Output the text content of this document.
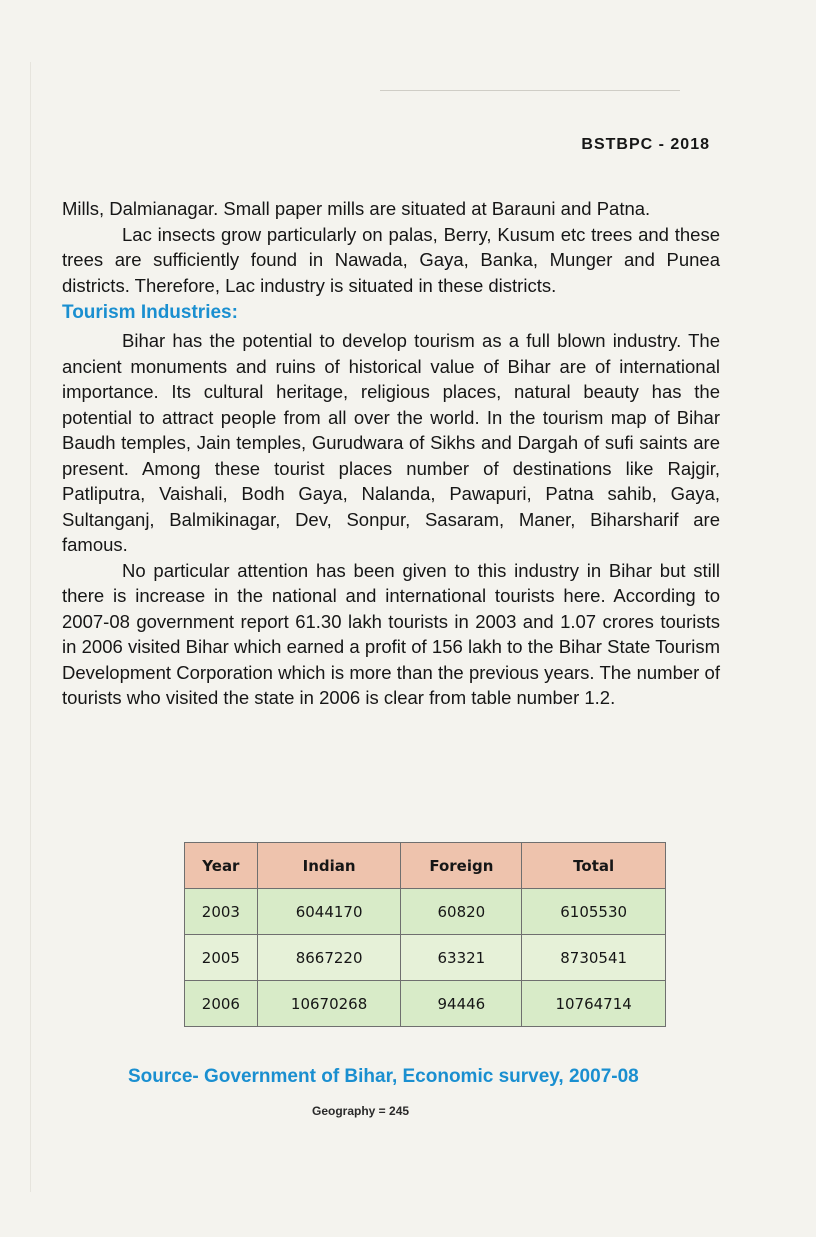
BSTBPC - 2018

Mills, Dalmianagar. Small paper mills are situated at Barauni and Patna.

Lac insects grow particularly on palas, Berry, Kusum etc trees and these trees are sufficiently found in Nawada, Gaya, Banka, Munger and Punea districts. Therefore, Lac industry is situated in these districts.

Tourism Industries:

Bihar has the potential to develop tourism as a full blown industry. The ancient monuments and ruins of historical value of Bihar are of international importance. Its cultural heritage, religious places, natural beauty has the potential to attract people from all over the world. In the tourism map of Bihar Baudh temples, Jain temples, Gurudwara of Sikhs and Dargah of sufi saints are present. Among these tourist places number of destinations like Rajgir, Patliputra, Vaishali, Bodh Gaya, Nalanda, Pawapuri, Patna sahib, Gaya, Sultanganj, Balmikinagar, Dev, Sonpur, Sasaram, Maner, Biharsharif are famous.

No particular attention has been given to this industry in Bihar but still there is increase in the national and international tourists here. According to 2007-08 government report 61.30 lakh tourists in 2003 and 1.07 crores tourists in 2006 visited Bihar which earned a profit of 156 lakh to the Bihar State Tourism Development Corporation which is more than the previous years. The number of tourists who visited the state in 2006 is clear from table number 1.2.

Year	Indian	Foreign	Total
2003	6044170	60820	6105530
2005	8667220	63321	8730541
2006	10670268	94446	10764714
Source- Government of Bihar, Economic survey, 2007-08
Geography = 245
